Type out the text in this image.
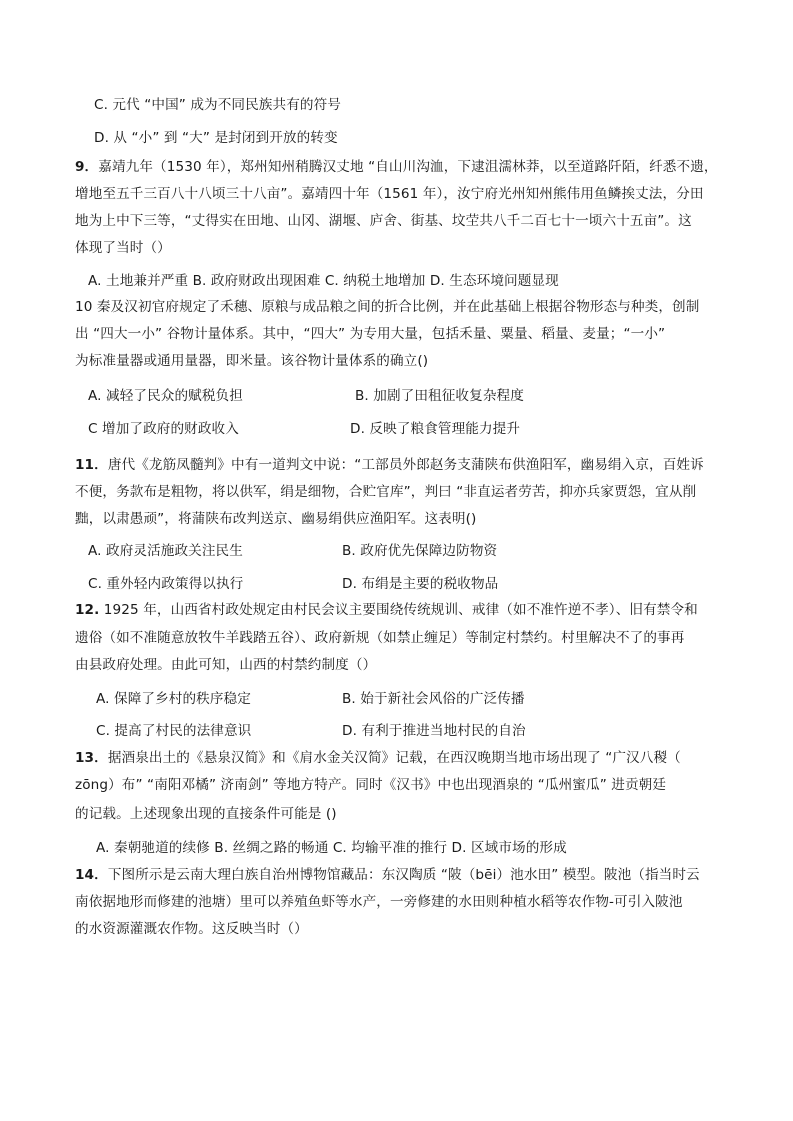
C. 元代 “中国” 成为不同民族共有的符号
D. 从 “小” 到 “大” 是封闭到开放的转变
9．嘉靖九年（1530 年），郑州知州稍腾汉丈地 “自山川沟洫，下逮沮濡林莽，以至道路阡陌，纤悉不遗，
增地至五千三百八十八顷三十八亩”。嘉靖四十年（1561 年），汝宁府光州知州熊伟用鱼鳞挨丈法，分田
地为上中下三等，“丈得实在田地、山冈、湖堰、庐舍、街基、坟茔共八千二百七十一顷六十五亩”。这
体现了当时（）
A. 土地兼并严重 B. 政府财政出现困难 C. 纳税土地增加 D. 生态环境问题显现
10 秦及汉初官府规定了禾穗、原粮与成品粮之间的折合比例，并在此基础上根据谷物形态与种类，创制
出 “四大一小” 谷物计量体系。其中，“四大” 为专用大量，包括禾量、粟量、稻量、麦量；“一小”
为标准量器或通用量器，即米量。该谷物计量体系的确立()
A. 减轻了民众的赋税负担	B. 加剧了田租征收复杂程度
C 增加了政府的财政收入	D. 反映了粮食管理能力提升
11．唐代《龙筋凤髓判》中有一道判文中说：“工部员外郎赵务支蒲陕布供渔阳军，幽易绢入京，百姓诉
不便，务款布是粗物，将以供军，绢是细物，合贮官库”，判曰 “非直运者劳苦，抑亦兵家贾怨，宜从削
黜，以肃愚顽”，将蒲陕布改判送京、幽易绢供应渔阳军。这表明()
A. 政府灵活施政关注民生	B. 政府优先保障边防物资
C. 重外轻内政策得以执行	D. 布绢是主要的税收物品
12. 1925 年，山西省村政处规定由村民会议主要围绕传统规训、戒律（如不准忤逆不孝）、旧有禁令和
遗俗（如不准随意放牧牛羊践踏五谷）、政府新规（如禁止缠足）等制定村禁约。村里解决不了的事再
由县政府处理。由此可知，山西的村禁约制度（）
A. 保障了乡村的秩序稳定	B. 始于新社会风俗的广泛传播
C. 提高了村民的法律意识	D. 有利于推进当地村民的自治
13．据酒泉出土的《悬泉汉简》和《肩水金关汉简》记载，在西汉晚期当地市场出现了 “广汉八稯（
zōng）布” “南阳邓橘” 济南剑” 等地方特产。同时《汉书》中也出现酒泉的 “瓜州蜜瓜” 进贡朝廷
的记载。上述现象出现的直接条件可能是 ()
A. 秦朝驰道的续修 B. 丝绸之路的畅通 C. 均输平准的推行 D. 区域市场的形成
14．下图所示是云南大理白族自治州博物馆藏品：东汉陶质 “陂（bēi）池水田” 模型。陂池（指当时云
南依据地形而修建的池塘）里可以养殖鱼虾等水产，一旁修建的水田则种植水稻等农作物-可引入陂池
的水资源灌溉农作物。这反映当时（）
